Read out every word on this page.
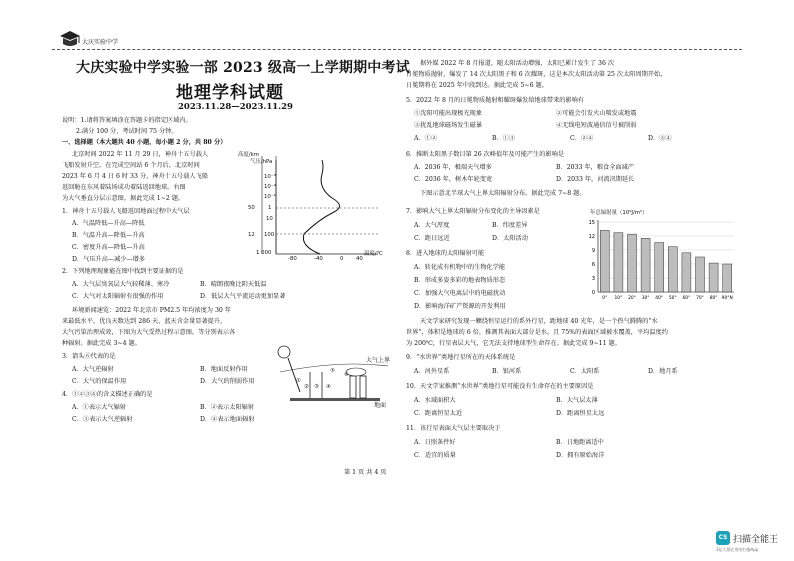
大庆实验中学
大庆实验中学实验一部 2023 级高一上学期期中考试
地理学科试题
2023.11.28—2023.11.29
说明：1.请将答案填涂在答题卡的指定区域内。
2.满分 100 分，考试时间 75 分钟。
一、选择题（本大题共 40 小题，每小题 2 分，共 80 分）
北京时间 2022 年 11 月 29 日，神舟十五号载人
飞船发射升空。在完成空间站 6 个月后，北京时间
2023 年 6 月 4 日 6 时 33 分，神舟十五号载人飞船
返回舱在东风着陆场成功着陆返回地球。右图
为大气垂直分层示意图。据此完成 1~2 题。
1．神舟十五号载人飞船返回地面过程中大气层
A．气温降低—升高—降低
B．气温升高—降低—升高
C．密度升高—降低—升高
D．气压升高—减少—增多
2．下列地理现象能在图中找到主要证据的是
A．大气层臭氧层大气较稀薄、寒冷	B．晴朗夜晚比阴天低温
C．大气对太阳辐射有很强的作用	D．低层大气平流运动更加显著
环境新闻速览：2022 年北京市 PM2.5 年均浓度为 30 年
来最低水平，优良天数达到 286 天，蓝天含金量显著提升，
大气污染治理成效，下图为大气受热过程示意图。等分别表示各
种辐射。据此完成 3~4 题。
3．箭头⑥代表的是
A．大气逆辐射	B．地面反射作用
C．大气的保温作用	D．大气的削弱作用
4．①②③④的含义描述正确的是
A．①表示大气辐射	B．②表示太阳辐射
C．③表示大气逆辐射	D．④表示地面辐射
高度/km
气压/hPa
10⁻³
10⁻²
10⁻¹
1
10
100
1 000
50
12
-80	-40	0 40
温度/℃
大气上界
地面
①
② ③ ④
⑤
⑥
第 1 页 共 4 页
据外媒 2022 年 8 月报道，随太阳活动增强，太阳已累计发生了 36 次
日冕物质抛射，爆发了 14 次太阳黑子和 6 次耀斑，这是本次太阳活动第 25 次太阳周期开始，
日冕期将在 2025 年中段到达。据此完成 5~6 题。
5．2022 年 8 月的日冕物质抛射和耀斑爆发给地球带来的影响有
①沈阳可能出现极光现象	②可能会引发火山喷发或地震
③扰乱地球磁场发生磁暴	④无线电短波通信信号被削弱
A．①②	B．①③	C．②④	D．③④
6．推断太阳黑子数目第 26 次峰值年及可能产生的影响是
A．2036 年，极端天气增多	B．2033 年，粮食全面减产
C．2036 年，树木年轮变宽	D．2033 年，河流汛期延长
下图示意北半球大气上界太阳辐射分布。据此完成 7~8 题。
7．影响大气上界太阳辐射分布变化的主导因素是
A．大气厚度	B．纬度差异
C．距日远近	D．太阳活动
8．进入地球的太阳辐射可能
A．转化成有机物中的生物化学能
B．形成多姿多彩的地表物质形态
C．加强大气电离层中的电磁扰动
D．影响海洋矿产资源的开发利用
年总辐射量（10⁹J/m²）
0
3
6
9
12
15
0° 10° 20° 30° 40° 50° 60° 70° 80° 90°N
天文学家研究发现一颗绕恒星运行的系外行星，距地球 40 光年，是一个热气腾腾的“水
世界”，体积是地球的 6 倍，推测其表面大部分是水，且 75%的表面区域被水覆盖，平均温度约
为 200℃，行星表层大气，它无法支持地球型生命存在。据此完成 9~11 题。
9．“水世界”类地行星所在的天体系统是
A．河外星系	B．银河系	C．太阳系	D．地月系
10．天文学家推测“水世界”类地行星可能没有生命存在的主要原因是
A．水域面积大	B．大气层太薄
C．距离恒星太近	D．距离恒星太远
11．该行星表面大气层主要取决于
A．日照条件好	B．日地距离适中
C．适宜的质量	D．拥有原始海洋
CS 扫描全能王
3亿人都在用的扫描App
